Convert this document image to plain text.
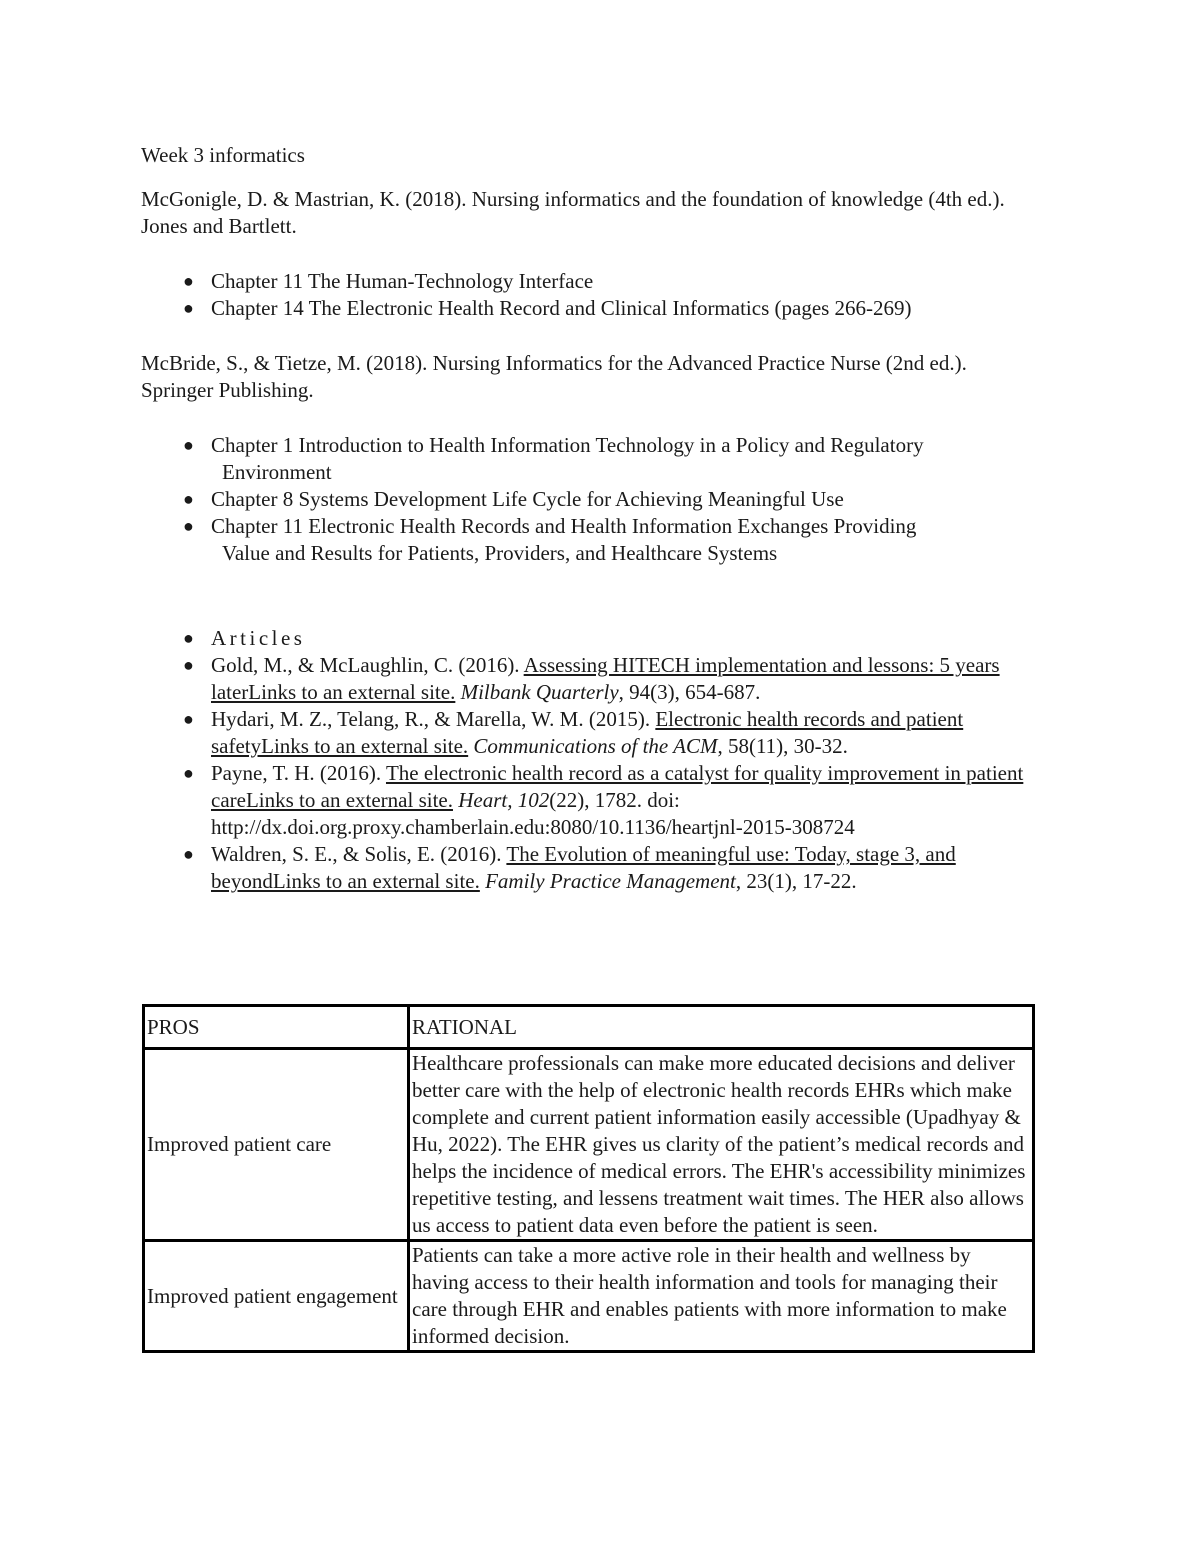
Week 3 informatics

McGonigle, D. & Mastrian, K. (2018). Nursing informatics and the foundation of knowledge (4th ed.). Jones and Bartlett.

● Chapter 11 The Human-Technology Interface
● Chapter 14 The Electronic Health Record and Clinical Informatics (pages 266-269)

McBride, S., & Tietze, M. (2018). Nursing Informatics for the Advanced Practice Nurse (2nd ed.). Springer Publishing.

● Chapter 1 Introduction to Health Information Technology in a Policy and Regulatory
Environment
● Chapter 8 Systems Development Life Cycle for Achieving Meaningful Use
● Chapter 11 Electronic Health Records and Health Information Exchanges Providing
Value and Results for Patients, Providers, and Healthcare Systems
● Articles
● Gold, M., & McLaughlin, C. (2016). Assessing HITECH implementation and lessons: 5 years laterLinks to an external site. Milbank Quarterly, 94(3), 654-687.
● Hydari, M. Z., Telang, R., & Marella, W. M. (2015). Electronic health records and patient safetyLinks to an external site. Communications of the ACM, 58(11), 30-32.
● Payne, T. H. (2016). The electronic health record as a catalyst for quality improvement in patient careLinks to an external site. Heart, 102(22), 1782. doi: http://dx.doi.org.proxy.chamberlain.edu:8080/10.1136/heartjnl-2015-308724
● Waldren, S. E., & Solis, E. (2016). The Evolution of meaningful use: Today, stage 3, and beyondLinks to an external site. Family Practice Management, 23(1), 17-22.
PROS	RATIONAL
Improved patient care	Healthcare professionals can make more educated decisions and deliver better care with the help of electronic health records EHRs which make complete and current patient information easily accessible (Upadhyay & Hu, 2022). The EHR gives us clarity of the patient’s medical records and helps the incidence of medical errors. The EHR's accessibility minimizes repetitive testing, and lessens treatment wait times. The HER also allows us access to patient data even before the patient is seen.
Improved patient engagement	Patients can take a more active role in their health and wellness by having access to their health information and tools for managing their care through EHR and enables patients with more information to make informed decision.
